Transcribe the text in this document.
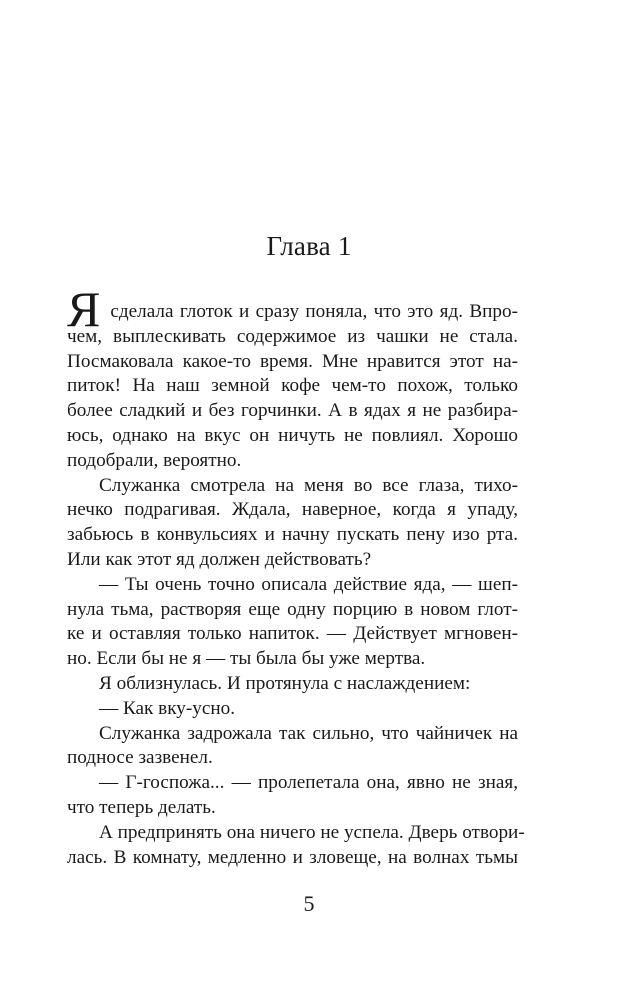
Глава 1
Я сделала глоток и сразу поняла, что это яд. Впро-
чем, выплескивать содержимое из чашки не стала.
Посмаковала какое-то время. Мне нравится этот на-
питок! На наш земной кофе чем-то похож, только
более сладкий и без горчинки. А в ядах я не разбира-
юсь, однако на вкус он ничуть не повлиял. Хорошо
подобрали, вероятно.
Служанка смотрела на меня во все глаза, тихо-
нечко подрагивая. Ждала, наверное, когда я упаду,
забьюсь в конвульсиях и начну пускать пену изо рта.
Или как этот яд должен действовать?
— Ты очень точно описала действие яда, — шеп-
нула тьма, растворяя еще одну порцию в новом глот-
ке и оставляя только напиток. — Действует мгновен-
но. Если бы не я — ты была бы уже мертва.
Я облизнулась. И протянула с наслаждением:
— Как вку-усно.
Служанка задрожала так сильно, что чайничек на
подносе зазвенел.
— Г-госпожа... — пролепетала она, явно не зная,
что теперь делать.
А предпринять она ничего не успела. Дверь отвори-
лась. В комнату, медленно и зловеще, на волнах тьмы
5
